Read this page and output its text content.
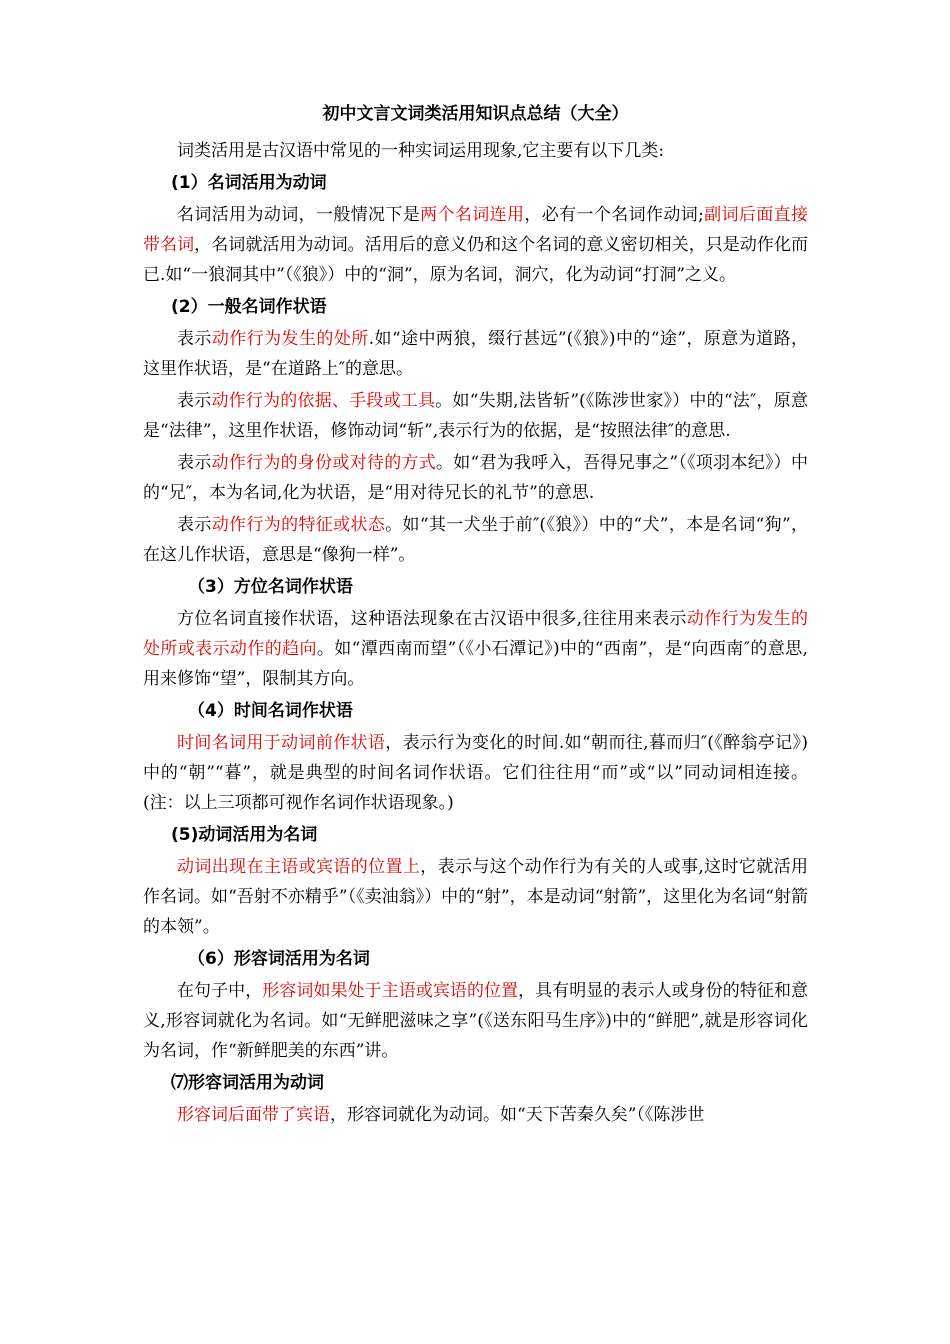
初中文言文词类活用知识点总结（大全）
词类活用是古汉语中常见的一种实词运用现象,它主要有以下几类:
(1）名词活用为动词
名词活用为动词，一般情况下是两个名词连用，必有一个名词作动词;副词后面直接带名词，名词就活用为动词。活用后的意义仍和这个名词的意义密切相关，只是动作化而已.如“一狼洞其中”（《狼》）中的“洞”，原为名词，洞穴，化为动词“打洞”之义。
(2）一般名词作状语
表示动作行为发生的处所.如“途中两狼，缀行甚远”(《狼》)中的“途”，原意为道路，这里作状语，是“在道路上″的意思。
表示动作行为的依据、手段或工具。如“失期,法皆斩”(《陈涉世家》）中的“法″，原意是“法律”，这里作状语，修饰动词“斩”,表示行为的依据，是“按照法律″的意思.
表示动作行为的身份或对待的方式。如“君为我呼入，吾得兄事之”（《项羽本纪》）中的“兄″，本为名词,化为状语，是“用对待兄长的礼节”的意思.
表示动作行为的特征或状态。如“其一犬坐于前″(《狼》）中的“犬”，本是名词“狗”，在这儿作状语，意思是“像狗一样”。
（3）方位名词作状语
方位名词直接作状语，这种语法现象在古汉语中很多,往往用来表示动作行为发生的处所或表示动作的趋向。如“潭西南而望”（《小石潭记》)中的“西南”，是“向西南″的意思,用来修饰“望”，限制其方向。
（4）时间名词作状语
时间名词用于动词前作状语，表示行为变化的时间.如“朝而往,暮而归″(《醉翁亭记》)中的“朝”“暮”，就是典型的时间名词作状语。它们往往用“而”或“以”同动词相连接。(注：以上三项都可视作名词作状语现象。)
(5)动词活用为名词
动词出现在主语或宾语的位置上，表示与这个动作行为有关的人或事,这时它就活用作名词。如“吾射不亦精乎”（《卖油翁》）中的“射”，本是动词“射箭”，这里化为名词“射箭的本领”。
（6）形容词活用为名词
在句子中，形容词如果处于主语或宾语的位置，具有明显的表示人或身份的特征和意义,形容词就化为名词。如“无鲜肥滋味之享”(《送东阳马生序》)中的“鲜肥”,就是形容词化为名词，作“新鲜肥美的东西”讲。
⑺形容词活用为动词
形容词后面带了宾语，形容词就化为动词。如“天下苦秦久矣”（《陈涉世
